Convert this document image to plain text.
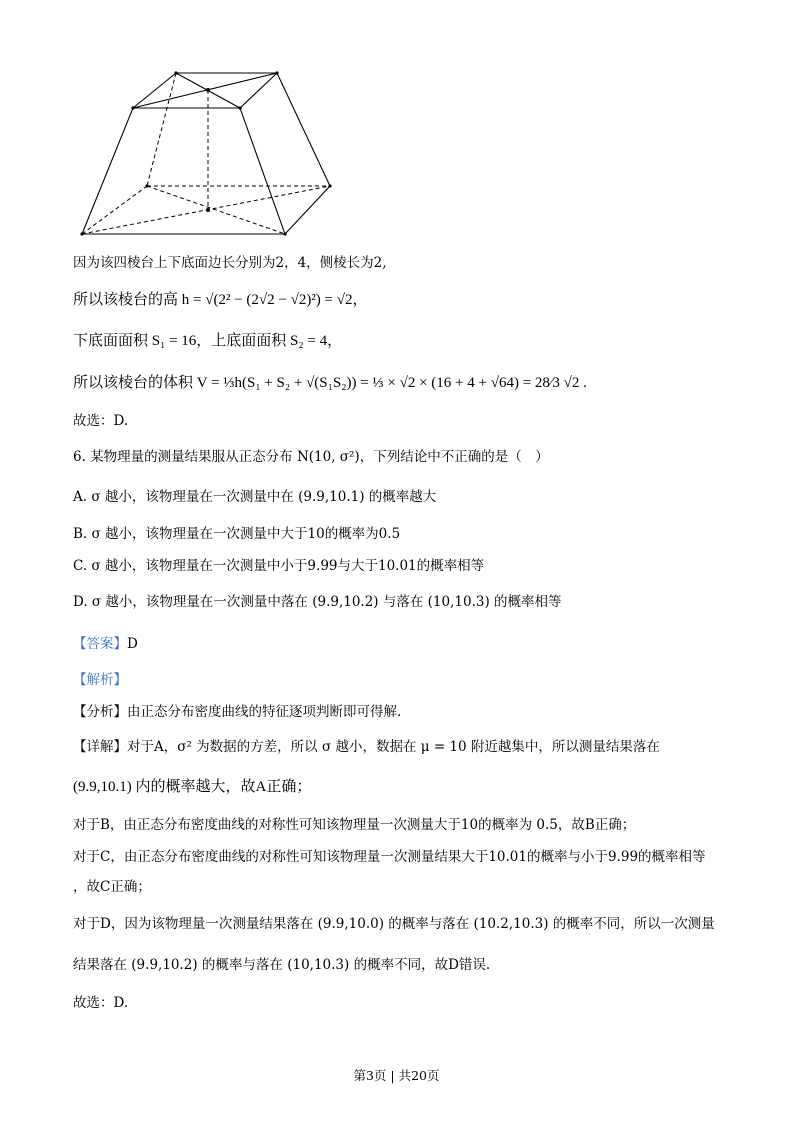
因为该四棱台上下底面边长分别为2，4，侧棱长为2,
所以该棱台的高 h = √(2² − (2√2 − √2)²) = √2，
下底面面积 S₁ = 16，上底面面积 S₂ = 4，
所以该棱台的体积 V = ⅓h(S₁ + S₂ + √(S₁S₂)) = ⅓ × √2 × (16 + 4 + √64) = 28⁄3 √2 .
故选：D.
6. 某物理量的测量结果服从正态分布 N(10, σ²)，下列结论中不正确的是（　）
A. σ 越小，该物理量在一次测量中在 (9.9,10.1) 的概率越大
B. σ 越小，该物理量在一次测量中大于10的概率为0.5
C. σ 越小，该物理量在一次测量中小于9.99与大于10.01的概率相等
D. σ 越小，该物理量在一次测量中落在 (9.9,10.2) 与落在 (10,10.3) 的概率相等
【答案】D
【解析】
【分析】由正态分布密度曲线的特征逐项判断即可得解.
【详解】对于A，σ² 为数据的方差，所以 σ 越小，数据在 μ = 10 附近越集中，所以测量结果落在
(9.9,10.1) 内的概率越大，故A正确；
对于B，由正态分布密度曲线的对称性可知该物理量一次测量大于10的概率为 0.5，故B正确；
对于C，由正态分布密度曲线的对称性可知该物理量一次测量结果大于10.01的概率与小于9.99的概率相等
，故C正确；
对于D，因为该物理量一次测量结果落在 (9.9,10.0) 的概率与落在 (10.2,10.3) 的概率不同，所以一次测量
结果落在 (9.9,10.2) 的概率与落在 (10,10.3) 的概率不同，故D错误.
故选：D.
第3页 | 共20页
